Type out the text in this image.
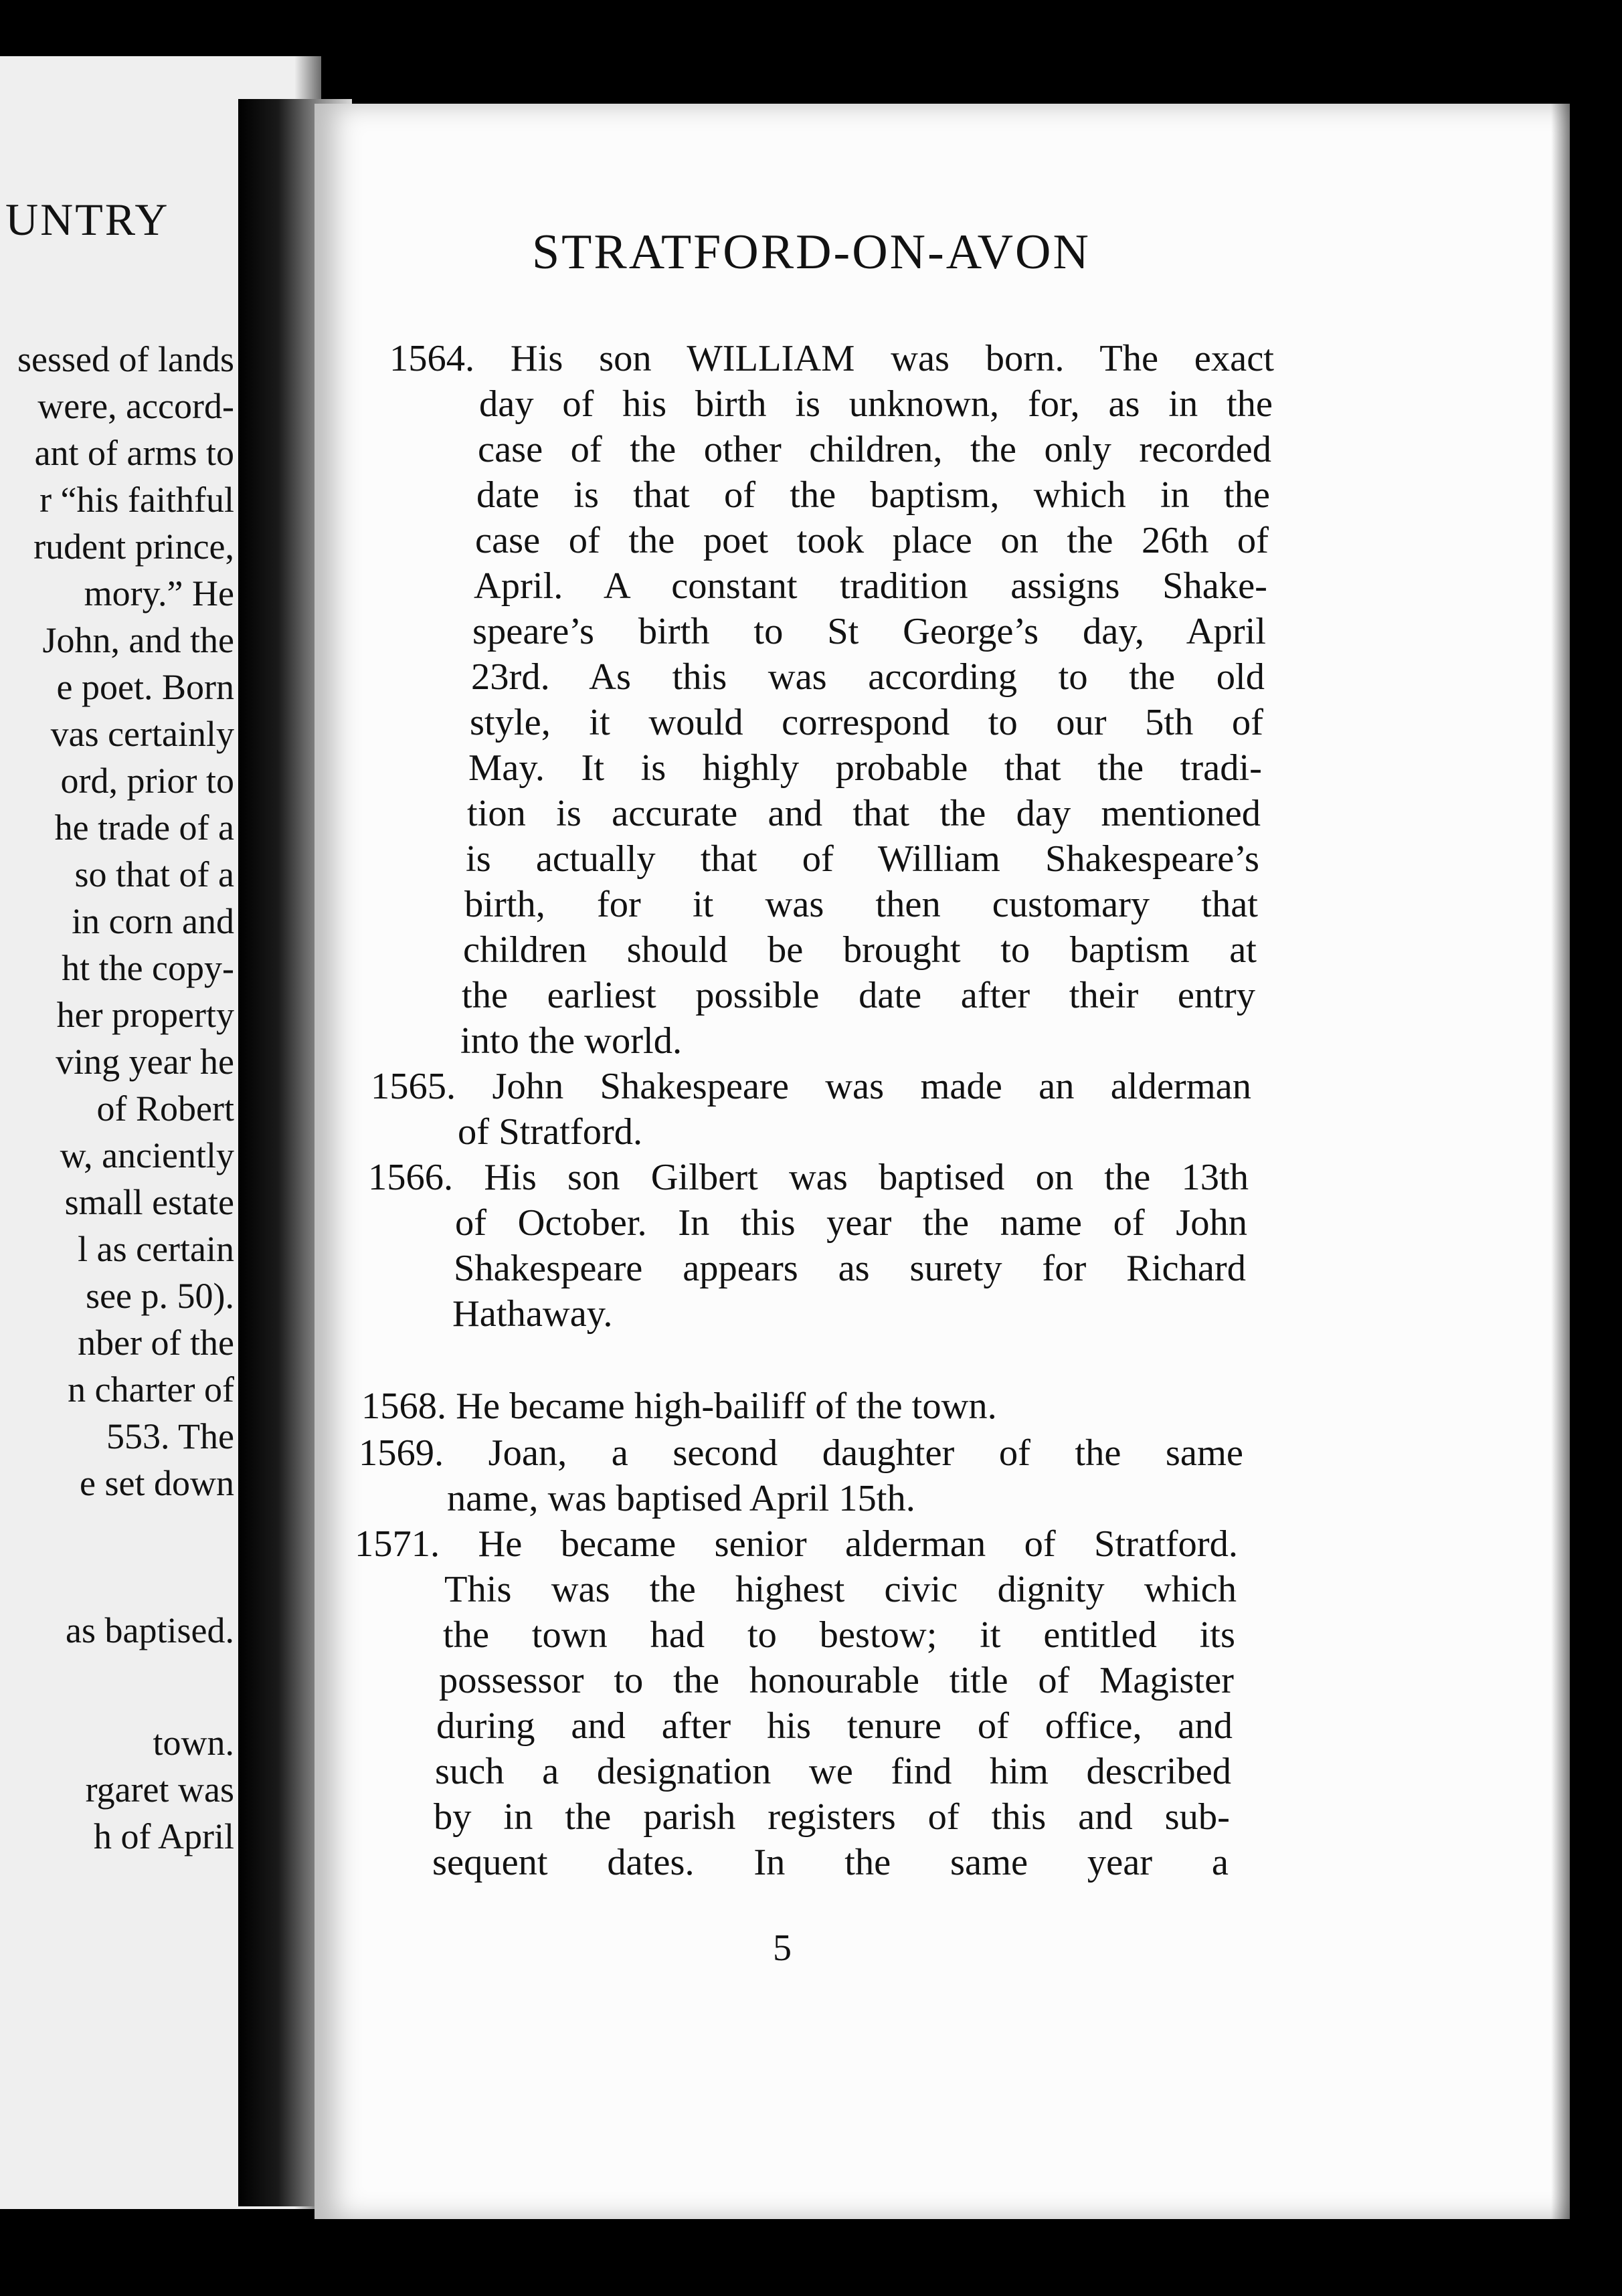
UNTRY
sessed of lands
were, accord-
ant of arms to
r “his faithful
rudent prince,
mory.” He
John, and the
e poet. Born
vas certainly
ord, prior to
he trade of a
so that of a
in corn and
ht the copy-
her property
ving year he
of Robert
w, anciently
small estate
l as certain
see p. 50).
nber of the
n charter of
553. The
e set down
as baptised.
town.
rgaret was
h of April
STRATFORD-ON-AVON
1564. His son WILLIAM was born. The exact
day of his birth is unknown, for, as in the
case of the other children, the only recorded
date is that of the baptism, which in the
case of the poet took place on the 26th of
April. A constant tradition assigns Shake-
speare’s birth to St George’s day, April
23rd. As this was according to the old
style, it would correspond to our 5th of
May. It is highly probable that the tradi-
tion is accurate and that the day mentioned
is actually that of William Shakespeare’s
birth, for it was then customary that
children should be brought to baptism at
the earliest possible date after their entry
into the world.
1565. John Shakespeare was made an alderman
of Stratford.
1566. His son Gilbert was baptised on the 13th
of October. In this year the name of John
Shakespeare appears as surety for Richard
Hathaway.
1568. He became high-bailiff of the town.
1569. Joan, a second daughter of the same
name, was baptised April 15th.
1571. He became senior alderman of Stratford.
This was the highest civic dignity which
the town had to bestow; it entitled its
possessor to the honourable title of Magister
during and after his tenure of office, and
such a designation we find him described
by in the parish registers of this and sub-
sequent dates. In the same year a
5
